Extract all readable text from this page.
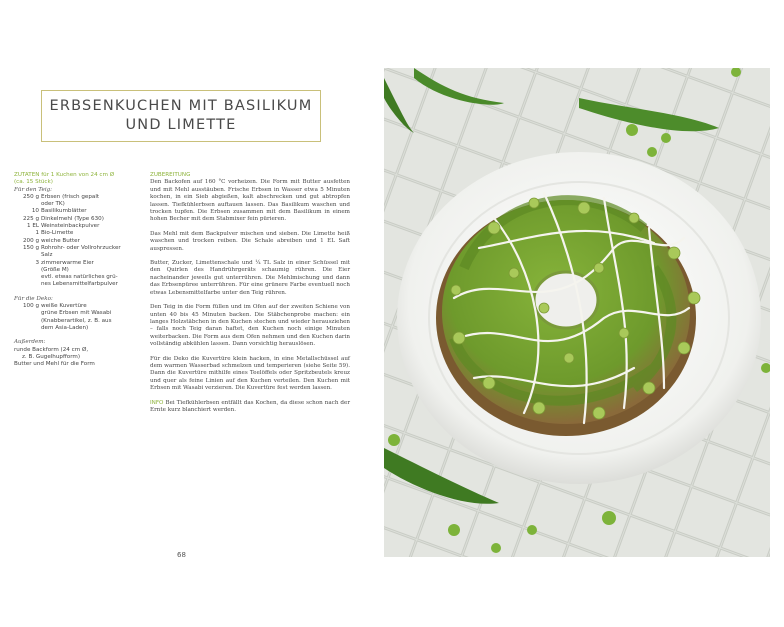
ERBSENKUCHEN MIT BASILIKUM
UND LIMETTE
ZUTATEN für 1 Kuchen von 24 cm Ø
(ca. 15 Stück)
Für den Teig:
250 g Erbsen (frisch gepalt
oder TK)
10 Basilikumblätter
225 g Dinkelmehl (Type 630)
1 EL Weinsteinbackpulver
1 Bio-Limette
200 g weiche Butter
150 g Rohrohr- oder Vollrohrzucker
Salz
3 zimmerwarme Eier
(Größe M)
evtl. etwas natürliches grü-
nes Lebensmittelfarbpulver
Für die Deko:
100 g weiße Kuvertüre
grüne Erbsen mit Wasabi
(Knabberartikel, z. B. aus
dem Asia-Laden)
Außerdem:
runde Backform (24 cm Ø,
z. B. Gugelhupfform)
Butter und Mehl für die Form
ZUBEREITUNG

Den Backofen auf 160 °C vorheizen. Die Form mit Butter ausfetten und mit Mehl ausstäuben. Frische Erbsen in Wasser etwa 5 Minuten kochen, in ein Sieb abgießen, kalt abschrecken und gut abtropfen lassen. Tiefkühlerbsen auftauen lassen. Das Basilikum waschen und trocken tupfen. Die Erbsen zusammen mit dem Basilikum in einem hohen Becher mit dem Stabmixer fein pürieren.

Das Mehl mit dem Backpulver mischen und sieben. Die Limette heiß waschen und trocken reiben. Die Schale abreiben und 1 EL Saft auspressen.

Butter, Zucker, Limettenschale und ¼ TL Salz in einer Schüssel mit den Quirlen des Handrührgeräts schaumig rühren. Die Eier nacheinander jeweils gut unterrühren. Die Mehlmischung und dann das Erbsenpüree unterrühren. Für eine grünere Farbe eventuell noch etwas Lebensmittelfarbe unter den Teig rühren.

Den Teig in die Form füllen und im Ofen auf der zweiten Schiene von unten 40 bis 45 Minuten backen. Die Stäbchenprobe machen: ein langes Holzstäbchen in den Kuchen stechen und wieder herausziehen – falls noch Teig daran haftet, den Kuchen noch einige Minuten weiterbacken. Die Form aus dem Ofen nehmen und den Kuchen darin vollständig abkühlen lassen. Dann vorsichtig herauslösen.

Für die Deko die Kuvertüre klein hacken, in eine Metallschüssel auf dem warmen Wasserbad schmelzen und temperieren (siehe Seite 59). Dann die Kuvertüre mithilfe eines Teelöffels oder Spritzbeutels kreuz und quer als feine Linien auf den Kuchen verteilen. Den Kuchen mit Erbsen mit Wasabi verzieren. Die Kuvertüre fest werden lassen.

INFO Bei Tiefkühlerbsen entfällt das Kochen, da diese schon nach der Ernte kurz blanchiert werden.

68
